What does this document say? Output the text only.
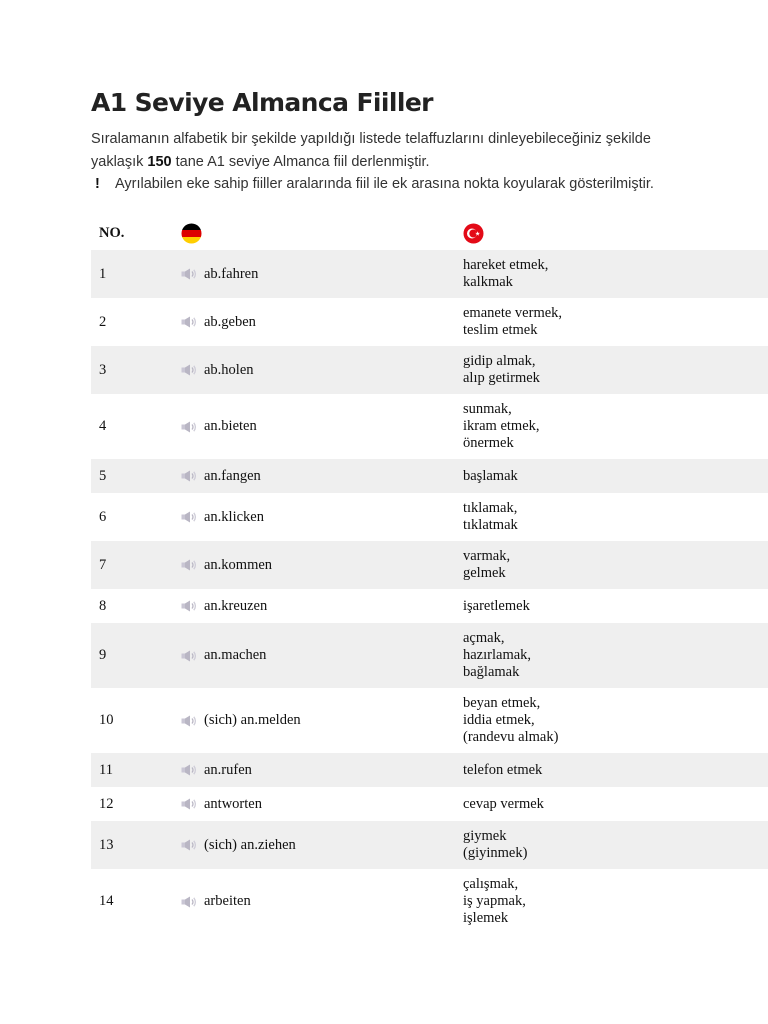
A1 Seviye Almanca Fiiller

Sıralamanın alfabetik bir şekilde yapıldığı listede telaffuzlarını dinleyebileceğiniz şekilde

yaklaşık 150 tane A1 seviye Almanca fiil derlenmiştir.

! Ayrılabilen eke sahip fiiller aralarında fiil ile ek arasına nokta koyularak gösterilmiştir.
NO.		
1	ab.fahren	hareket etmek,
kalkmak

2	ab.geben	emanete vermek,
teslim etmek

3	ab.holen	gidip almak,
alıp getirmek

4	an.bieten	sunmak,
ikram etmek,
önermek

5	an.fangen	başlamak

6	an.klicken	tıklamak,
tıklatmak

7	an.kommen	varmak,
gelmek

8	an.kreuzen	işaretlemek

9	an.machen	açmak,
hazırlamak,
bağlamak

10	(sich) an.melden	beyan etmek,
iddia etmek,
(randevu almak)

11	an.rufen	telefon etmek

12	antworten	cevap vermek

13	(sich) an.ziehen	giymek
(giyinmek)

14	arbeiten	çalışmak,
iş yapmak,
işlemek
